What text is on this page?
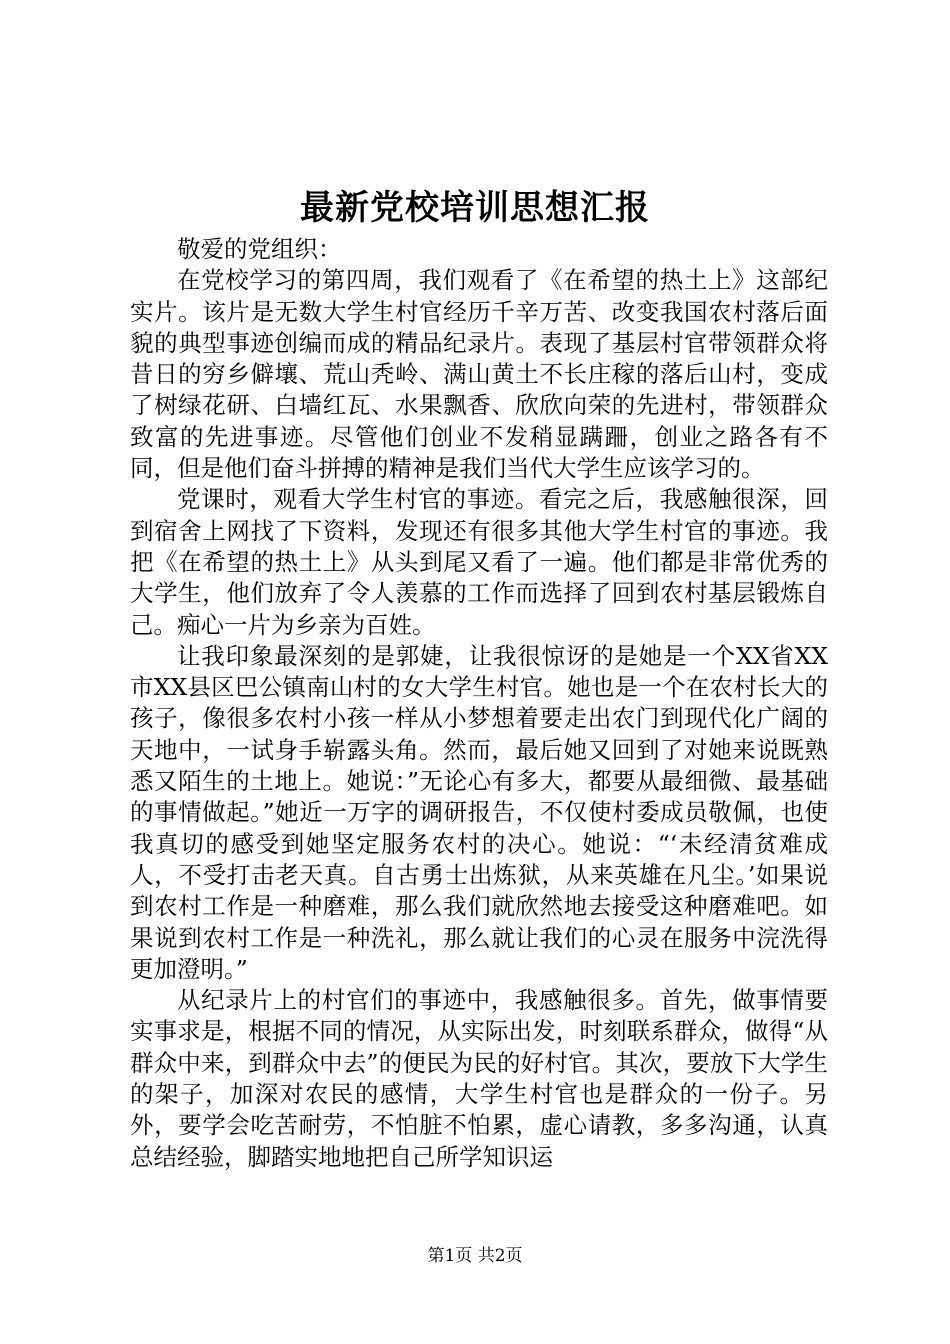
最新党校培训思想汇报

敬爱的党组织：

在党校学习的第四周，我们观看了《在希望的热土上》这部纪实片。该片是无数大学生村官经历千辛万苦、改变我国农村落后面貌的典型事迹创编而成的精品纪录片。表现了基层村官带领群众将昔日的穷乡僻壤、荒山秃岭、满山黄土不长庄稼的落后山村，变成了树绿花研、白墙红瓦、水果飘香、欣欣向荣的先进村，带领群众致富的先进事迹。尽管他们创业不发稍显蹒跚，创业之路各有不同，但是他们奋斗拼搏的精神是我们当代大学生应该学习的。

党课时，观看大学生村官的事迹。看完之后，我感触很深，回到宿舍上网找了下资料，发现还有很多其他大学生村官的事迹。我把《在希望的热土上》从头到尾又看了一遍。他们都是非常优秀的大学生，他们放弃了令人羡慕的工作而选择了回到农村基层锻炼自己。痴心一片为乡亲为百姓。

让我印象最深刻的是郭婕，让我很惊讶的是她是一个XX省XX市XX县区巴公镇南山村的女大学生村官。她也是一个在农村长大的孩子，像很多农村小孩一样从小梦想着要走出农门到现代化广阔的天地中，一试身手崭露头角。然而，最后她又回到了对她来说既熟悉又陌生的土地上。她说：”无论心有多大，都要从最细微、最基础的事情做起。”她近一万字的调研报告，不仅使村委成员敬佩，也使我真切的感受到她坚定服务农村的决心。她说：“‘未经清贫难成人，不受打击老天真。自古勇士出炼狱，从来英雄在凡尘。’如果说到农村工作是一种磨难，那么我们就欣然地去接受这种磨难吧。如果说到农村工作是一种洗礼，那么就让我们的心灵在服务中浣洗得更加澄明。”

从纪录片上的村官们的事迹中，我感触很多。首先，做事情要实事求是，根据不同的情况，从实际出发，时刻联系群众，做得“从群众中来，到群众中去”的便民为民的好村官。其次，要放下大学生的架子，加深对农民的感情，大学生村官也是群众的一份子。另外，要学会吃苦耐劳，不怕脏不怕累，虚心请教，多多沟通，认真总结经验，脚踏实地地把自己所学知识运

第1页 共2页
